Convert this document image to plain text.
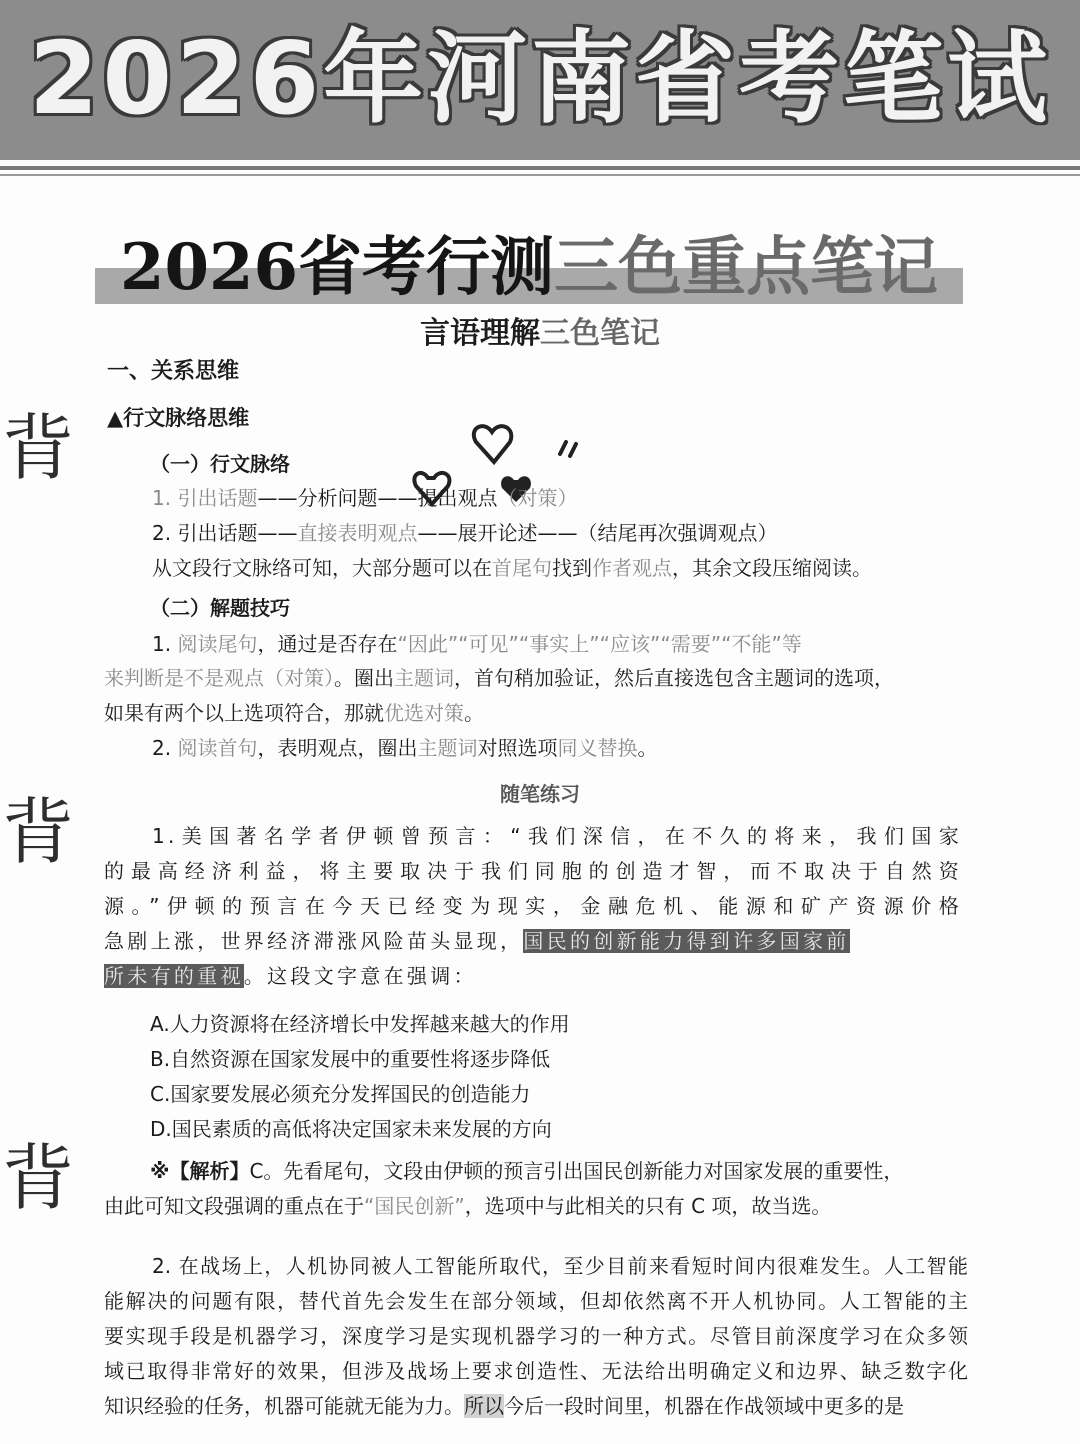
2026年河南省考笔试
2026省考行测三色重点笔记
言语理解三色笔记
背
背
背
一、关系思维
▲行文脉络思维
（一）行文脉络
1. 引出话题——分析问题——提出观点（对策）
2. 引出话题——直接表明观点——展开论述——（结尾再次强调观点）
从文段行文脉络可知，大部分题可以在首尾句找到作者观点，其余文段压缩阅读。
（二）解题技巧
1. 阅读尾句，通过是否存在“因此”“可见”“事实上”“应该”“需要”“不能”等
来判断是不是观点（对策）。圈出主题词，首句稍加验证，然后直接选包含主题词的选项，
如果有两个以上选项符合，那就优选对策。
2. 阅读首句，表明观点，圈出主题词对照选项同义替换。
随笔练习
1.美国著名学者伊顿曾预言：“我们深信，在不久的将来，我们国家
的最高经济利益，将主要取决于我们同胞的创造才智，而不取决于自然资
源。”伊顿的预言在今天已经变为现实，金融危机、能源和矿产资源价格
急剧上涨，世界经济滞涨风险苗头显现，国民的创新能力得到许多国家前
所未有的重视。这段文字意在强调：
A.人力资源将在经济增长中发挥越来越大的作用
B.自然资源在国家发展中的重要性将逐步降低
C.国家要发展必须充分发挥国民的创造能力
D.国民素质的高低将决定国家未来发展的方向
※【解析】C。先看尾句，文段由伊顿的预言引出国民创新能力对国家发展的重要性，
由此可知文段强调的重点在于“国民创新”，选项中与此相关的只有 C 项，故当选。
2. 在战场上，人机协同被人工智能所取代，至少目前来看短时间内很难发生。人工智能
能解决的问题有限，替代首先会发生在部分领域，但却依然离不开人机协同。人工智能的主
要实现手段是机器学习，深度学习是实现机器学习的一种方式。尽管目前深度学习在众多领
域已取得非常好的效果，但涉及战场上要求创造性、无法给出明确定义和边界、缺乏数字化
知识经验的任务，机器可能就无能为力。所以今后一段时间里，机器在作战领域中更多的是
